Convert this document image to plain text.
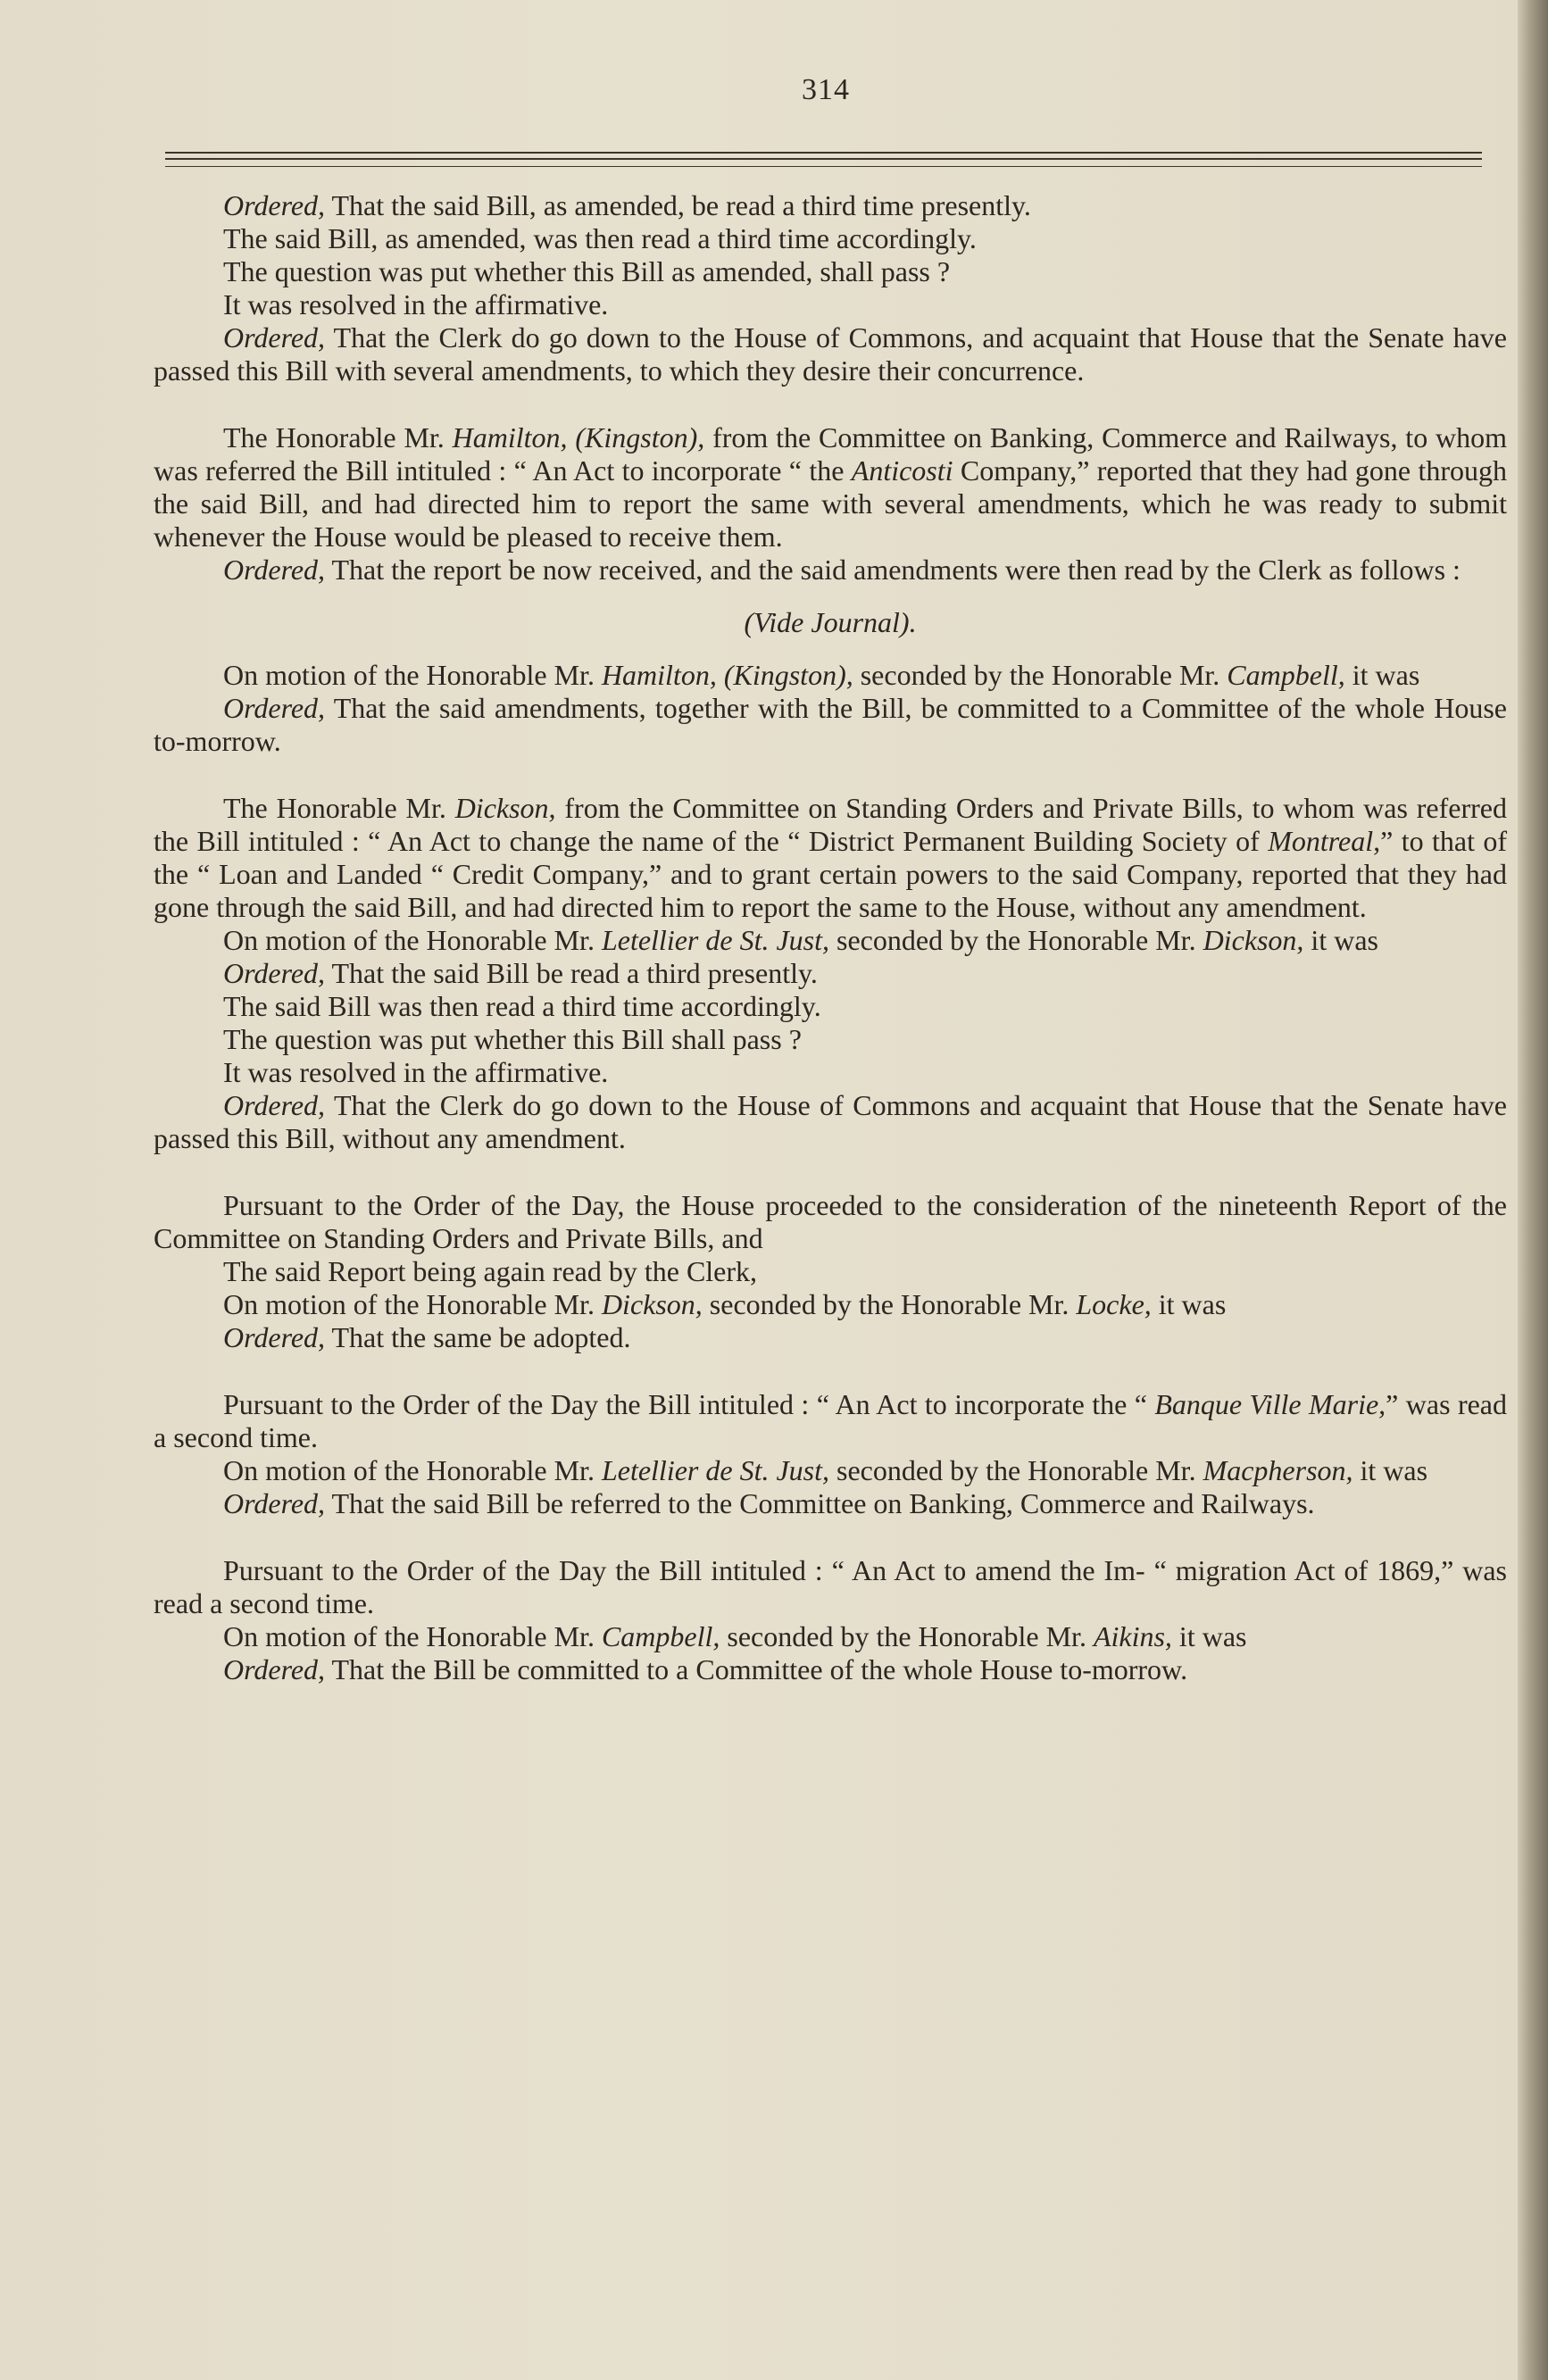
314

Ordered, That the said Bill, as amended, be read a third time presently.

The said Bill, as amended, was then read a third time accordingly.

The question was put whether this Bill as amended, shall pass ?

It was resolved in the affirmative.

Ordered, That the Clerk do go down to the House of Commons, and acquaint that House that the Senate have passed this Bill with several amendments, to which they desire their concurrence.

The Honorable Mr. Hamilton, (Kingston), from the Committee on Banking, Commerce and Railways, to whom was referred the Bill intituled : “ An Act to incorporate “ the Anticosti Company,” reported that they had gone through the said Bill, and had directed him to report the same with several amendments, which he was ready to submit whenever the House would be pleased to receive them.

Ordered, That the report be now received, and the said amendments were then read by the Clerk as follows :

(Vide Journal).

On motion of the Honorable Mr. Hamilton, (Kingston), seconded by the Honorable Mr. Campbell, it was

Ordered, That the said amendments, together with the Bill, be committed to a Committee of the whole House to-morrow.

The Honorable Mr. Dickson, from the Committee on Standing Orders and Private Bills, to whom was referred the Bill intituled : “ An Act to change the name of the “ District Permanent Building Society of Montreal,” to that of the “ Loan and Landed “ Credit Company,” and to grant certain powers to the said Company, reported that they had gone through the said Bill, and had directed him to report the same to the House, without any amendment.

On motion of the Honorable Mr. Letellier de St. Just, seconded by the Honorable Mr. Dickson, it was

Ordered, That the said Bill be read a third presently.

The said Bill was then read a third time accordingly.

The question was put whether this Bill shall pass ?

It was resolved in the affirmative.

Ordered, That the Clerk do go down to the House of Commons and acquaint that House that the Senate have passed this Bill, without any amendment.

Pursuant to the Order of the Day, the House proceeded to the consideration of the nineteenth Report of the Committee on Standing Orders and Private Bills, and

The said Report being again read by the Clerk,

On motion of the Honorable Mr. Dickson, seconded by the Honorable Mr. Locke, it was

Ordered, That the same be adopted.

Pursuant to the Order of the Day the Bill intituled : “ An Act to incorporate the “ Banque Ville Marie,” was read a second time.

On motion of the Honorable Mr. Letellier de St. Just, seconded by the Honorable Mr. Macpherson, it was

Ordered, That the said Bill be referred to the Committee on Banking, Commerce and Railways.

Pursuant to the Order of the Day the Bill intituled : “ An Act to amend the Im- “ migration Act of 1869,” was read a second time.

On motion of the Honorable Mr. Campbell, seconded by the Honorable Mr. Aikins, it was

Ordered, That the Bill be committed to a Committee of the whole House to-morrow.
